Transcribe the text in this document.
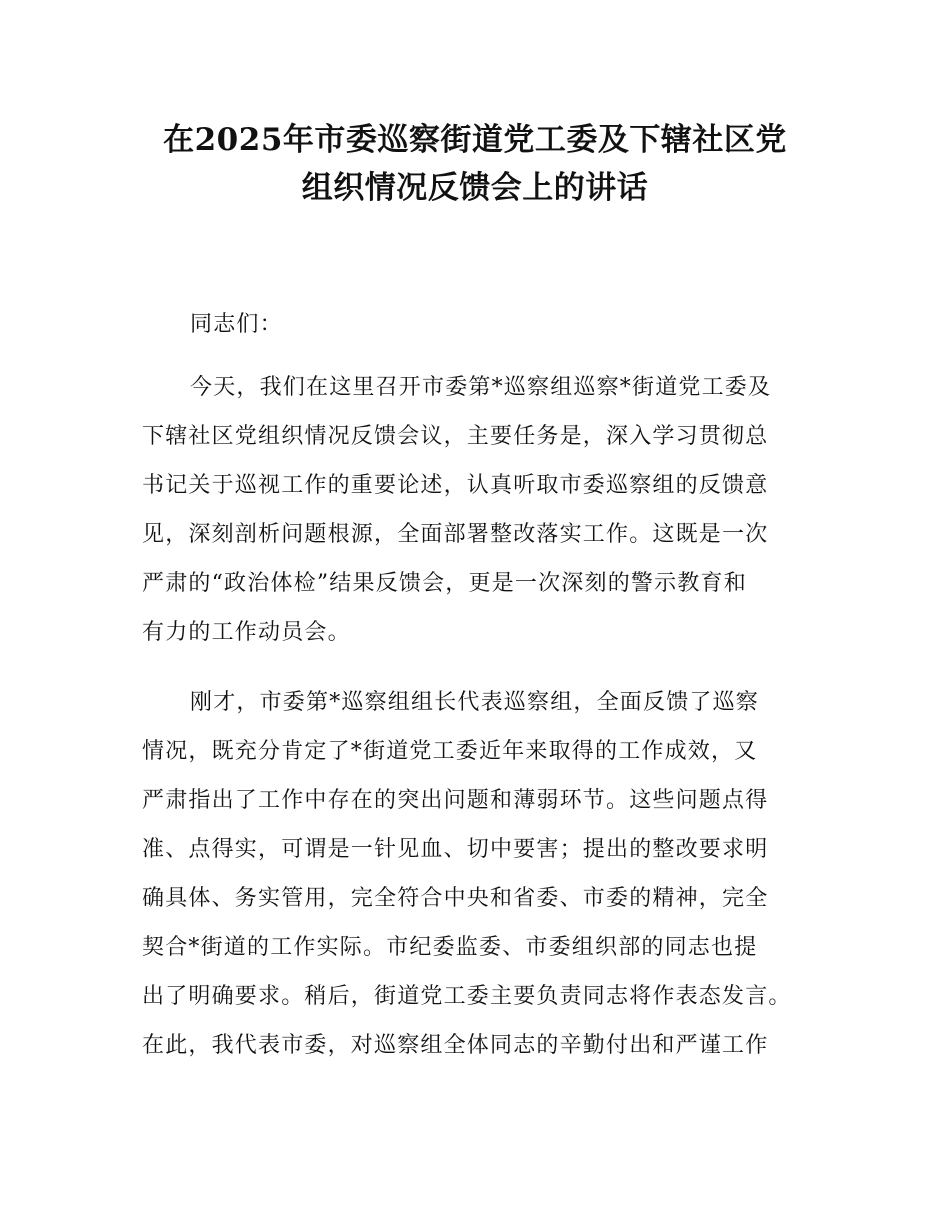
在2025年市委巡察街道党工委及下辖社区党
组织情况反馈会上的讲话
同志们：
今天，我们在这里召开市委第*巡察组巡察*街道党工委及
下辖社区党组织情况反馈会议，主要任务是，深入学习贯彻总
书记关于巡视工作的重要论述，认真听取市委巡察组的反馈意
见，深刻剖析问题根源，全面部署整改落实工作。这既是一次
严肃的“政治体检”结果反馈会，更是一次深刻的警示教育和
有力的工作动员会。
刚才，市委第*巡察组组长代表巡察组，全面反馈了巡察
情况，既充分肯定了*街道党工委近年来取得的工作成效，又
严肃指出了工作中存在的突出问题和薄弱环节。这些问题点得
准、点得实，可谓是一针见血、切中要害；提出的整改要求明
确具体、务实管用，完全符合中央和省委、市委的精神，完全
契合*街道的工作实际。市纪委监委、市委组织部的同志也提
出了明确要求。稍后，街道党工委主要负责同志将作表态发言。
在此，我代表市委，对巡察组全体同志的辛勤付出和严谨工作
